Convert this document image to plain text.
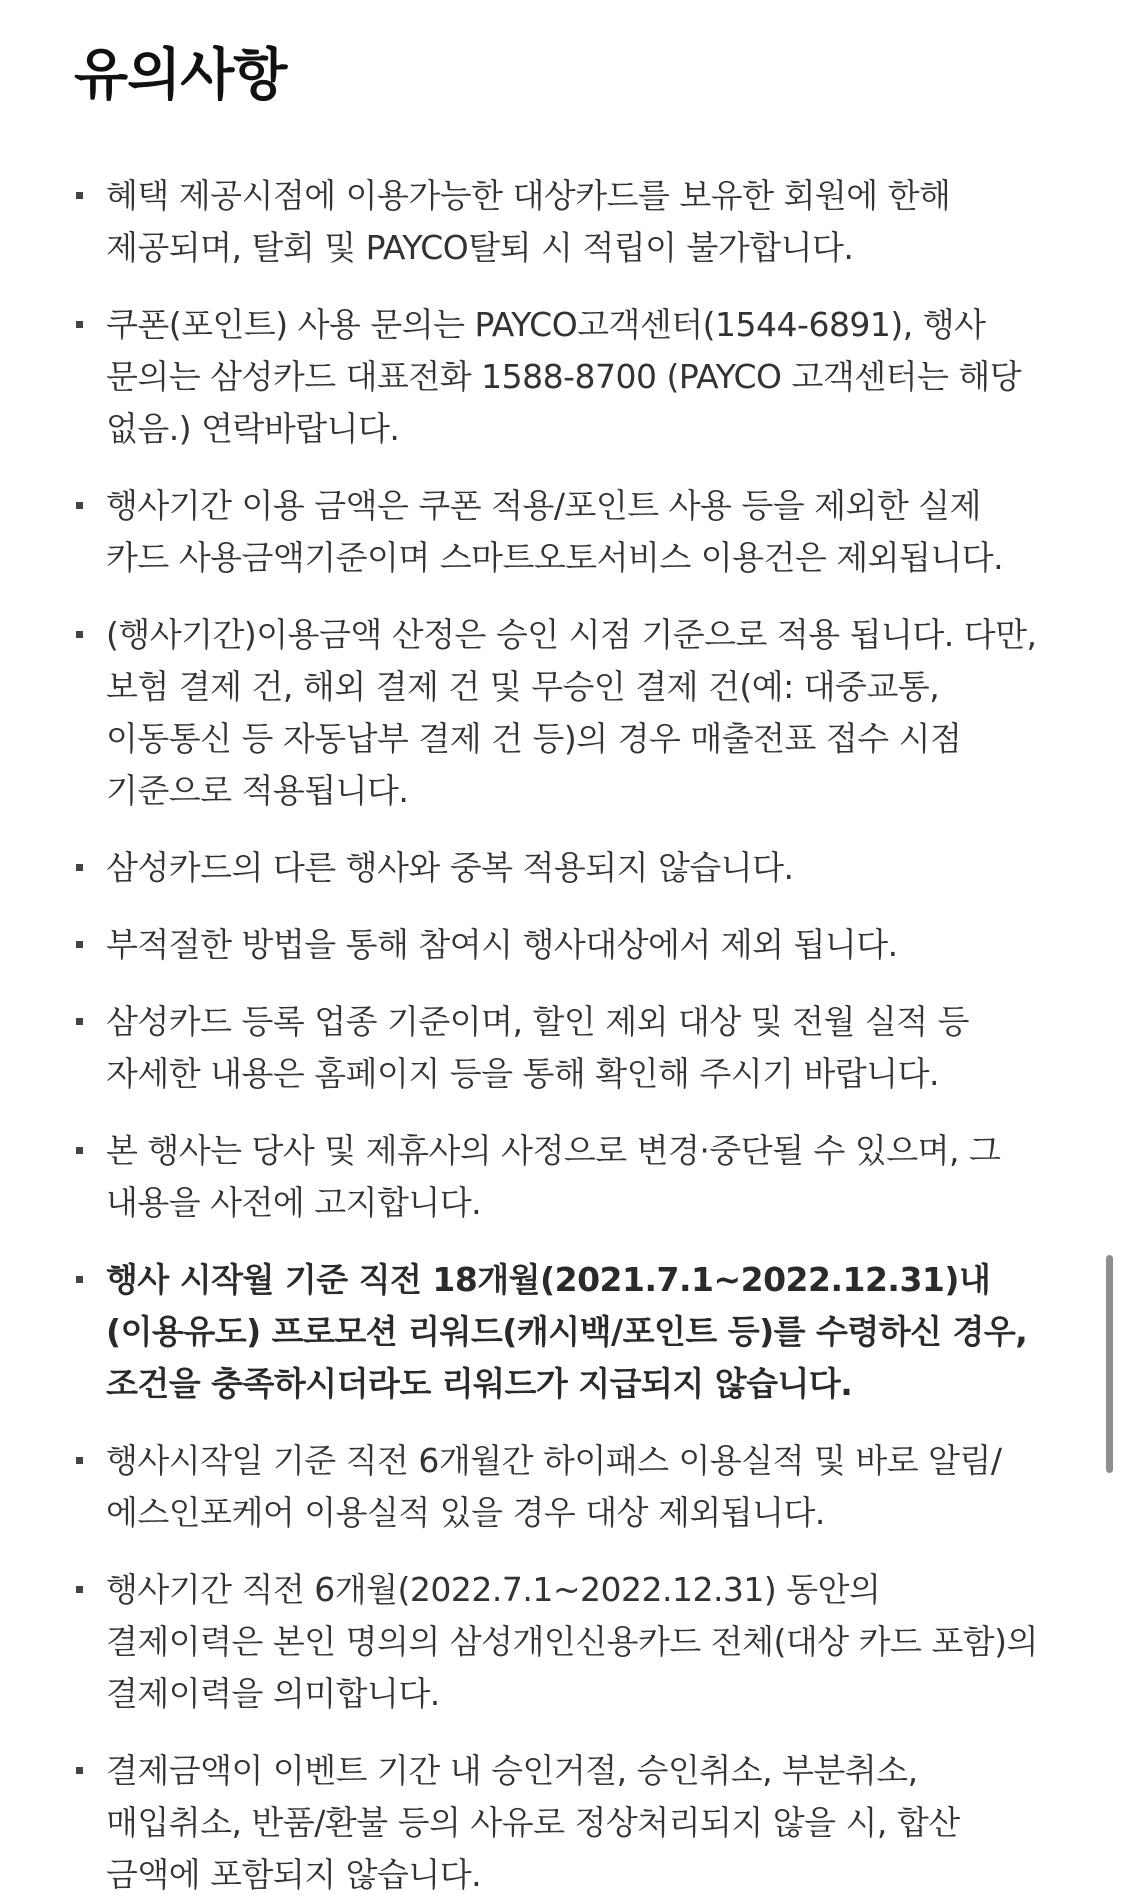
유의사항
혜택 제공시점에 이용가능한 대상카드를 보유한 회원에 한해 제공되며, 탈회 및 PAYCO탈퇴 시 적립이 불가합니다.
쿠폰(포인트) 사용 문의는 PAYCO고객센터(1544-6891), 행사 문의는 삼성카드 대표전화 1588-8700 (PAYCO 고객센터는 해당 없음.) 연락바랍니다.
행사기간 이용 금액은 쿠폰 적용/포인트 사용 등을 제외한 실제 카드 사용금액기준이며 스마트오토서비스 이용건은 제외됩니다.
(행사기간)이용금액 산정은 승인 시점 기준으로 적용 됩니다. 다만, 보험 결제 건, 해외 결제 건 및 무승인 결제 건(예: 대중교통, 이동통신 등 자동납부 결제 건 등)의 경우 매출전표 접수 시점 기준으로 적용됩니다.
삼성카드의 다른 행사와 중복 적용되지 않습니다.
부적절한 방법을 통해 참여시 행사대상에서 제외 됩니다.
삼성카드 등록 업종 기준이며, 할인 제외 대상 및 전월 실적 등 자세한 내용은 홈페이지 등을 통해 확인해 주시기 바랍니다.
본 행사는 당사 및 제휴사의 사정으로 변경·중단될 수 있으며, 그 내용을 사전에 고지합니다.
행사 시작월 기준 직전 18개월(2021.7.1~2022.12.31)내 (이용유도) 프로모션 리워드(캐시백/포인트 등)를 수령하신 경우, 조건을 충족하시더라도 리워드가 지급되지 않습니다.
행사시작일 기준 직전 6개월간 하이패스 이용실적 및 바로 알림/에스인포케어 이용실적 있을 경우 대상 제외됩니다.
행사기간 직전 6개월(2022.7.1~2022.12.31) 동안의 결제이력은 본인 명의의 삼성개인신용카드 전체(대상 카드 포함)의 결제이력을 의미합니다.
결제금액이 이벤트 기간 내 승인거절, 승인취소, 부분취소, 매입취소, 반품/환불 등의 사유로 정상처리되지 않을 시, 합산 금액에 포함되지 않습니다.
